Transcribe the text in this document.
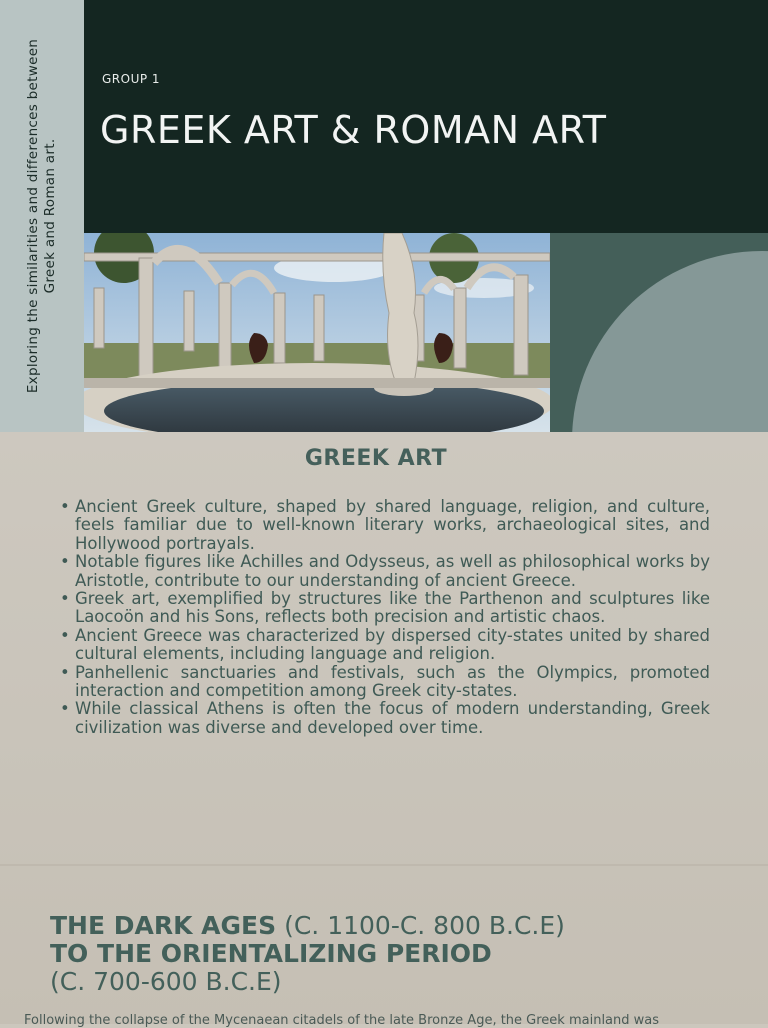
Exploring the similarities and differences between Greek and Roman art.
GROUP 1
GREEK ART & ROMAN ART
GREEK ART
• Ancient Greek culture, shaped by shared language, religion, and culture, feels familiar due to well-known literary works, archaeological sites, and Hollywood portrayals.
• Notable figures like Achilles and Odysseus, as well as philosophical works by Aristotle, contribute to our understanding of ancient Greece.
• Greek art, exemplified by structures like the Parthenon and sculptures like Laocoön and his Sons, reflects both precision and artistic chaos.
• Ancient Greece was characterized by dispersed city-states united by shared cultural elements, including language and religion.
• Panhellenic sanctuaries and festivals, such as the Olympics, promoted interaction and competition among Greek city-states.
• While classical Athens is often the focus of modern understanding, Greek civilization was diverse and developed over time.
THE DARK AGES (C. 1100-C. 800 B.C.E)
TO THE ORIENTALIZING PERIOD
(C. 700-600 B.C.E)
Following the collapse of the Mycenaean citadels of the late Bronze Age, the Greek mainland was
